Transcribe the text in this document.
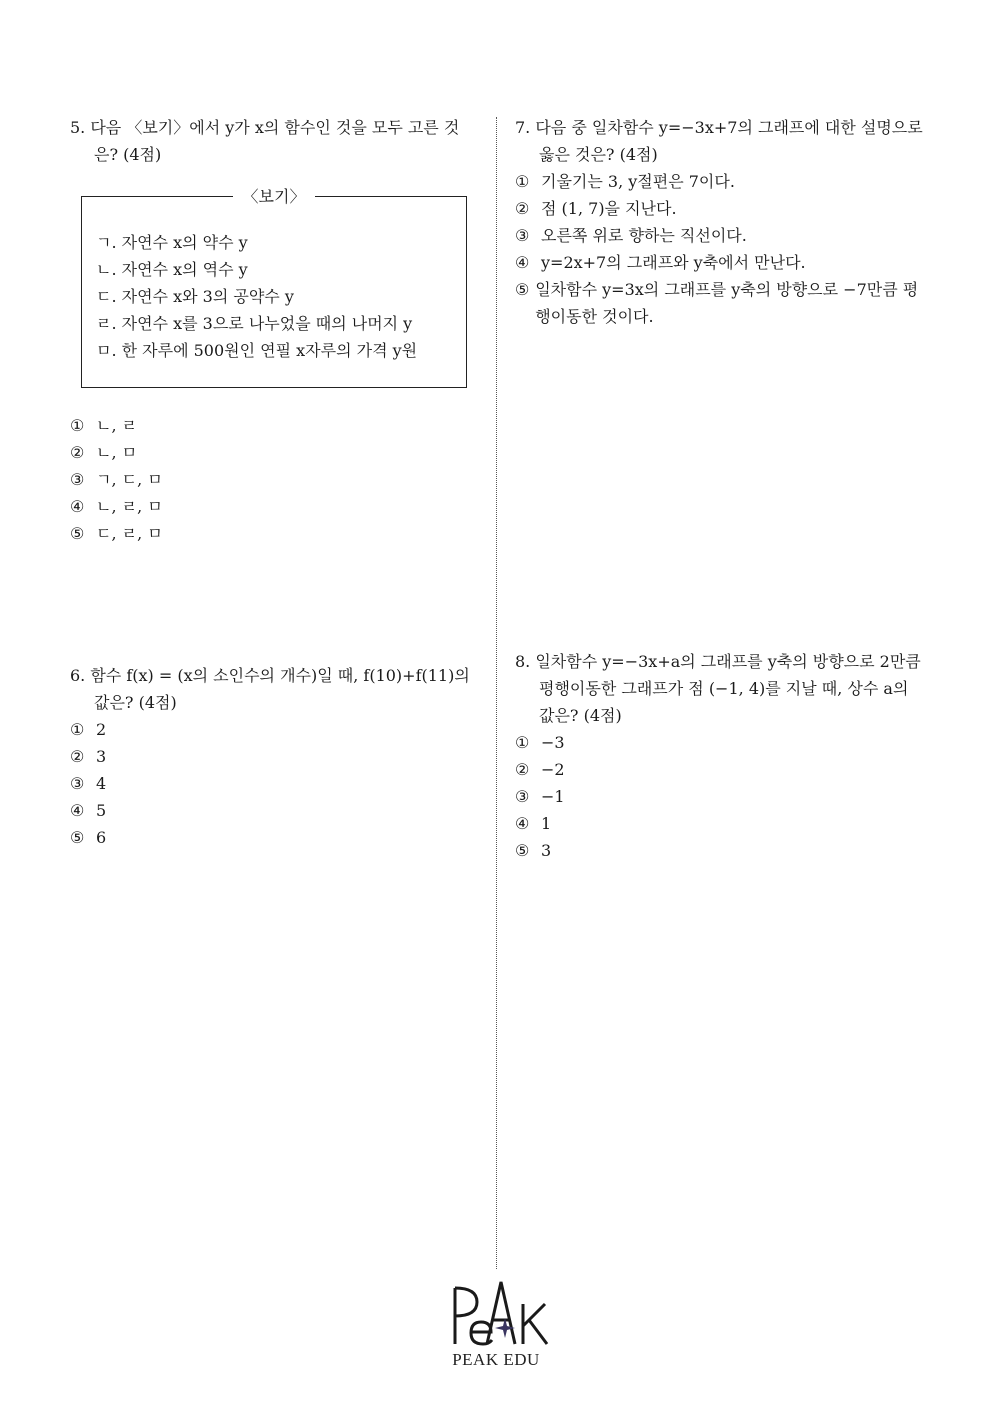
5. 다음 〈보기〉에서 y가 x의 함수인 것을 모두 고른 것은? (4점)

〈보기〉
ㄱ. 자연수 x의 약수 y
ㄴ. 자연수 x의 역수 y
ㄷ. 자연수 x와 3의 공약수 y
ㄹ. 자연수 x를 3으로 나누었을 때의 나머지 y
ㅁ. 한 자루에 500원인 연필 x자루의 가격 y원
① ㄴ, ㄹ
② ㄴ, ㅁ
③ ㄱ, ㄷ, ㅁ
④ ㄴ, ㄹ, ㅁ
⑤ ㄷ, ㄹ, ㅁ

6. 함수 f(x) = (x의 소인수의 개수)일 때, f(10)+f(11)의 값은? (4점)

① 2
② 3
③ 4
④ 5
⑤ 6

7. 다음 중 일차함수 y=−3x+7의 그래프에 대한 설명으로 옳은 것은? (4점)

① 기울기는 3, y절편은 7이다.
② 점 (1, 7)을 지난다.
③ 오른쪽 위로 향하는 직선이다.
④ y=2x+7의 그래프와 y축에서 만난다.
⑤ 일차함수 y=3x의 그래프를 y축의 방향으로 −7만큼 평행이동한 것이다.

8. 일차함수 y=−3x+a의 그래프를 y축의 방향으로 2만큼 평행이동한 그래프가 점 (−1, 4)를 지날 때, 상수 a의 값은? (4점)

① −3
② −2
③ −1
④ 1
⑤ 3
PEAK EDU
